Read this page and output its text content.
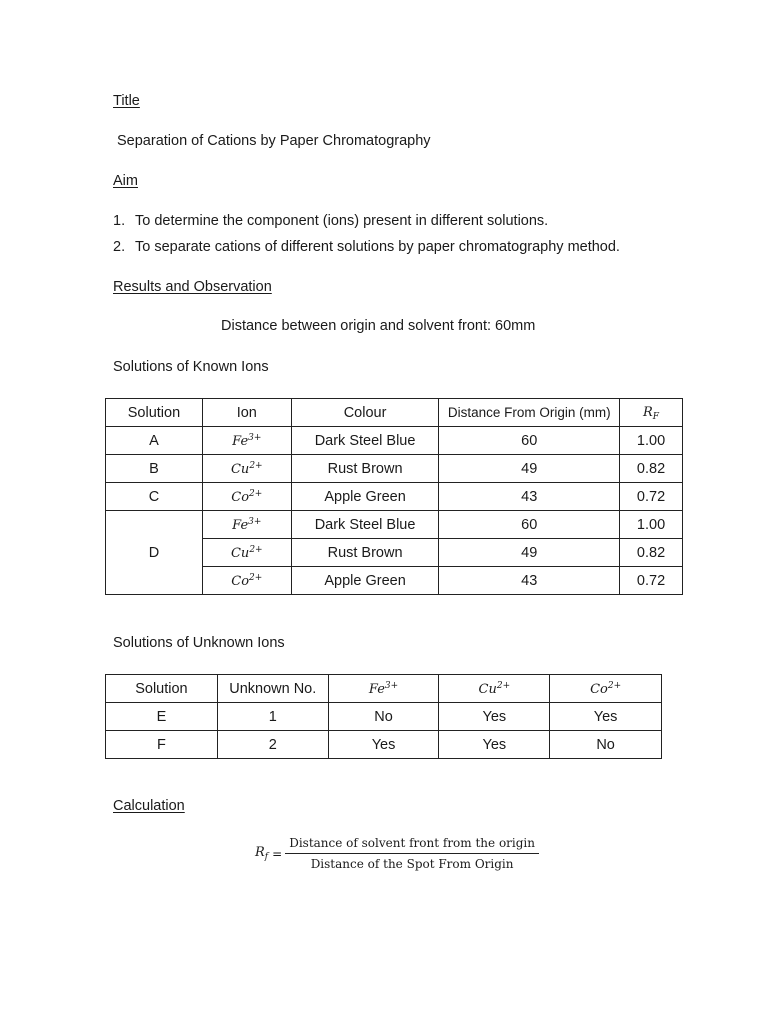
Title
Separation of Cations by Paper Chromatography
Aim
1. To determine the component (ions) present in different solutions.
2. To separate cations of different solutions by paper chromatography method.
Results and Observation
Distance between origin and solvent front: 60mm
Solutions of Known Ions
Solution	Ion	Colour	Distance From Origin (mm)	$R_F$
A	$Fe^{3+}$	Dark Steel Blue	60	1.00
B	$Cu^{2+}$	Rust Brown	49	0.82
C	$Co^{2+}$	Apple Green	43	0.72
D	$Fe^{3+}$	Dark Steel Blue	60	1.00
	$Cu^{2+}$	Rust Brown	49	0.82
	$Co^{2+}$	Apple Green	43	0.72
Solutions of Unknown Ions
Solution	Unknown No.	$Fe^{3+}$	$Cu^{2+}$	$Co^{2+}$
E	1	No	Yes	Yes
F	2	Yes	Yes	No
Calculation
$R_f = \frac{\text{Distance of solvent front from the origin}}{\text{Distance of the Spot From Origin}}$
